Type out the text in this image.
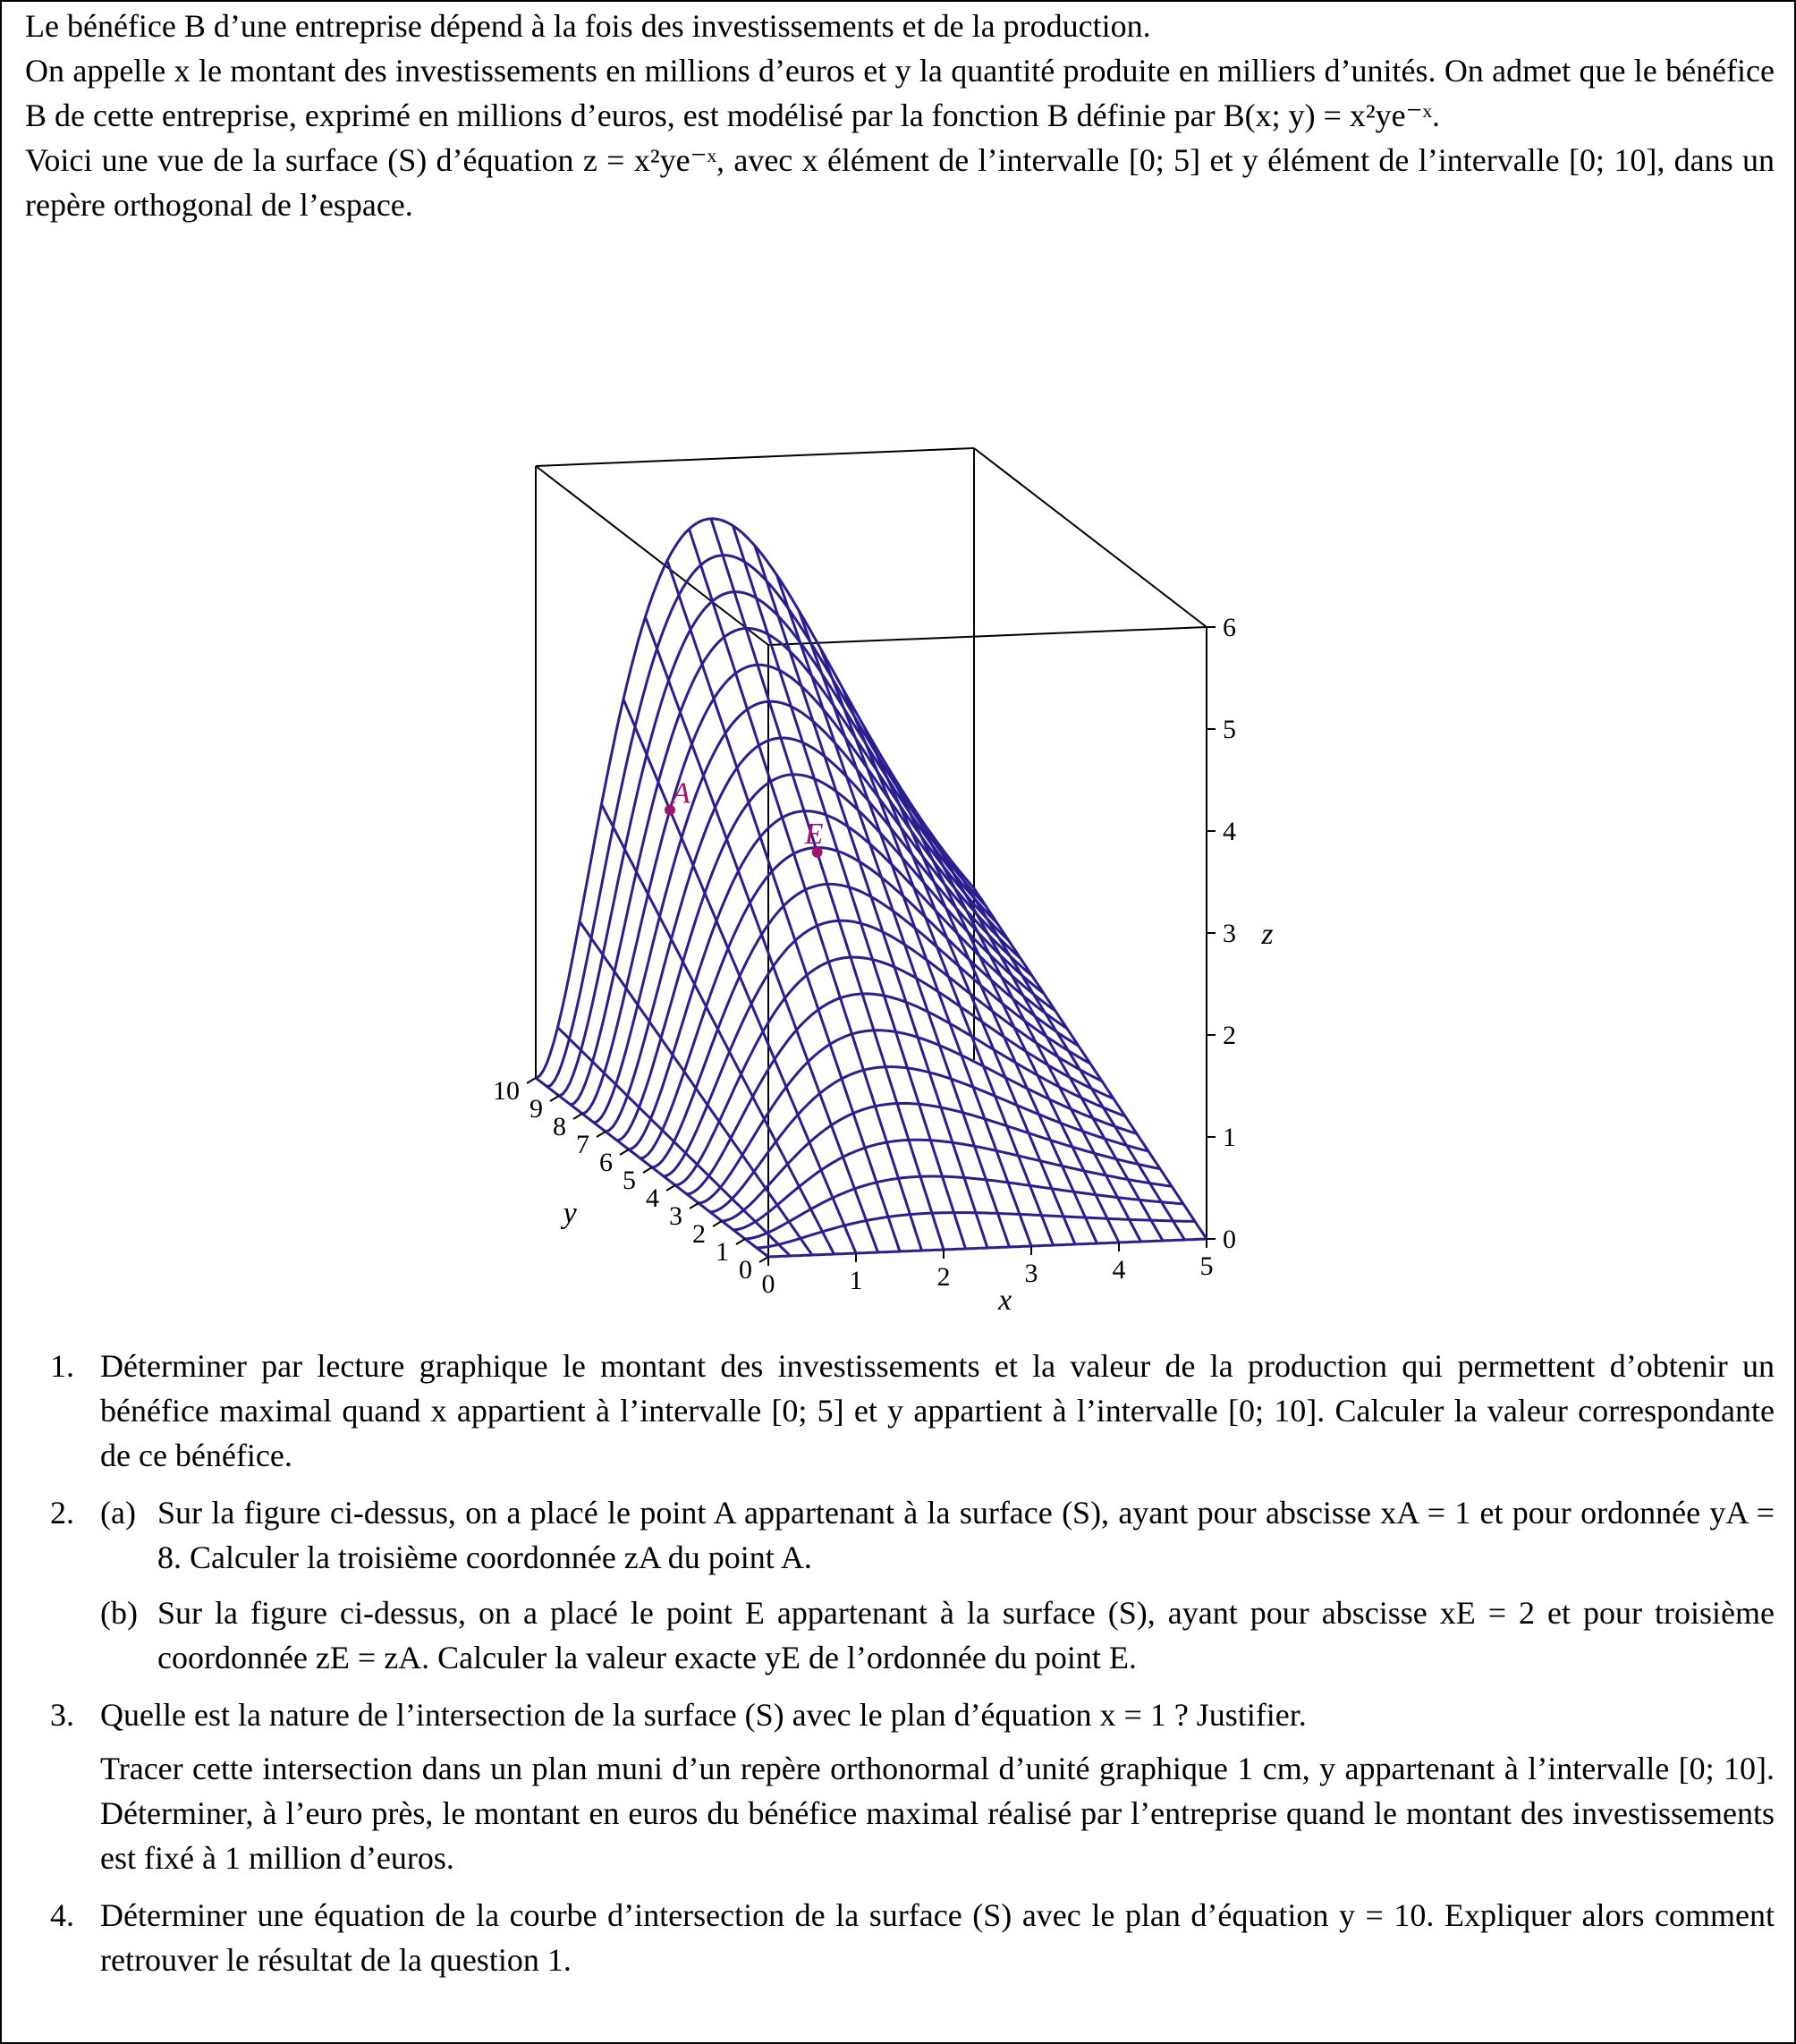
Le bénéfice B d’une entreprise dépend à la fois des investissements et de la production.

On appelle x le montant des investissements en millions d’euros et y la quantité produite en milliers d’unités. On admet que le bénéfice B de cette entreprise, exprimé en millions d’euros, est modélisé par la fonction B définie par B(x; y) = x²ye⁻ˣ.

Voici une vue de la surface (S) d’équation z = x²ye⁻ˣ, avec x élément de l’intervalle [0; 5] et y élément de l’intervalle [0; 10], dans un repère orthogonal de l’espace.

0	1	2	3	4	5
x
0
1
2
3
4
5
6
7
8
9
10
y
0
1
2
3
4
5
6
z
A
E
1. Déterminer par lecture graphique le montant des investissements et la valeur de la production qui permettent d’obtenir un bénéfice maximal quand x appartient à l’intervalle [0; 5] et y appartient à l’intervalle [0; 10]. Calculer la valeur correspondante de ce bénéfice.

2. (a) Sur la figure ci-dessus, on a placé le point A appartenant à la surface (S), ayant pour abscisse xA = 1 et pour ordonnée yA = 8. Calculer la troisième coordonnée zA du point A.

(b) Sur la figure ci-dessus, on a placé le point E appartenant à la surface (S), ayant pour abscisse xE = 2 et pour troisième coordonnée zE = zA. Calculer la valeur exacte yE de l’ordonnée du point E.

3. Quelle est la nature de l’intersection de la surface (S) avec le plan d’équation x = 1 ? Justifier.

Tracer cette intersection dans un plan muni d’un repère orthonormal d’unité graphique 1 cm, y appartenant à l’intervalle [0; 10]. Déterminer, à l’euro près, le montant en euros du bénéfice maximal réalisé par l’entreprise quand le montant des investissements est fixé à 1 million d’euros.

4. Déterminer une équation de la courbe d’intersection de la surface (S) avec le plan d’équation y = 10. Expliquer alors comment retrouver le résultat de la question 1.
